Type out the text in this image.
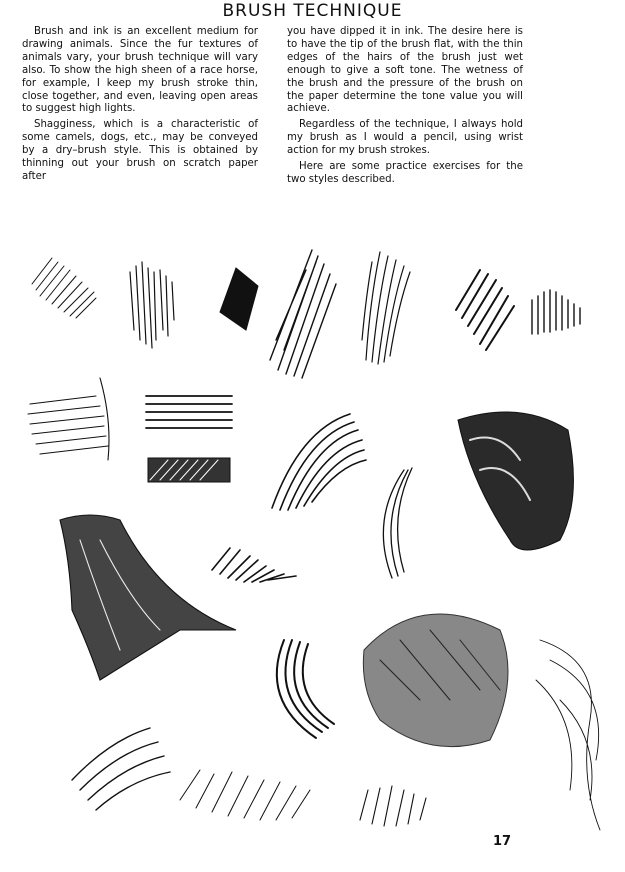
BRUSH TECHNIQUE

Brush and ink is an excellent medium for drawing animals. Since the fur textures of animals vary, your brush technique will vary also. To show the high sheen of a race horse, for example, I keep my brush stroke thin, close together, and even, leaving open areas to suggest high lights.

Shagginess, which is a characteristic of some camels, dogs, etc., may be conveyed by a dry–brush style. This is obtained by thinning out your brush on scratch paper after

you have dipped it in ink. The desire here is to have the tip of the brush flat, with the thin edges of the hairs of the brush just wet enough to give a soft tone. The wetness of the brush and the pressure of the brush on the paper determine the tone value you will achieve.

Regardless of the technique, I always hold my brush as I would a pencil, using wrist action for my brush strokes.

Here are some practice exercises for the two styles described.

17
